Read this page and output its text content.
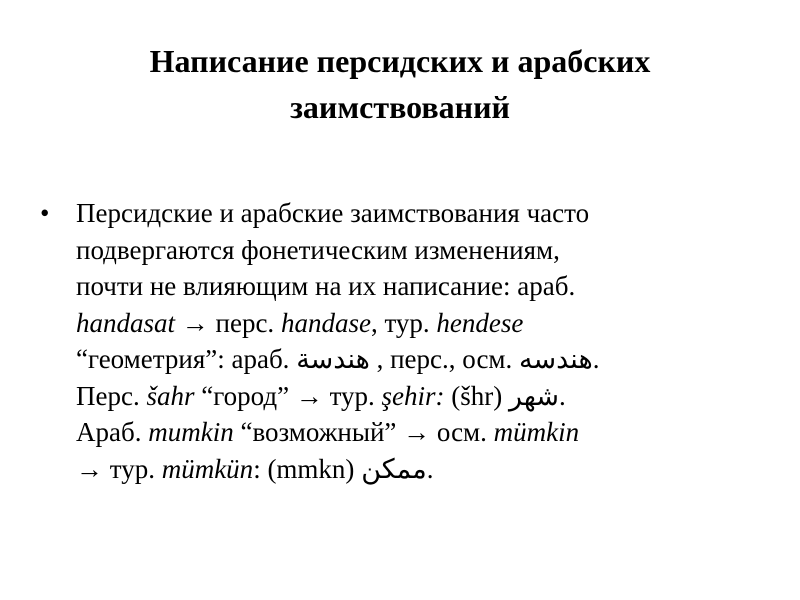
Написание персидских и арабских
заимствований
• Персидские и арабские заимствования часто
подвергаются фонетическим изменениям,
почти не влияющим на их написание: араб.
handasat → перс. handase, тур. hendese
“геометрия”: араб. هندسة , перс., осм. هندسه.
Перс. šahr “город” → тур. şehir: (šhr) شهر.
Араб. mumkin “возможный” → осм. mümkin
→ тур. mümkün: (mmkn) ممكن.
